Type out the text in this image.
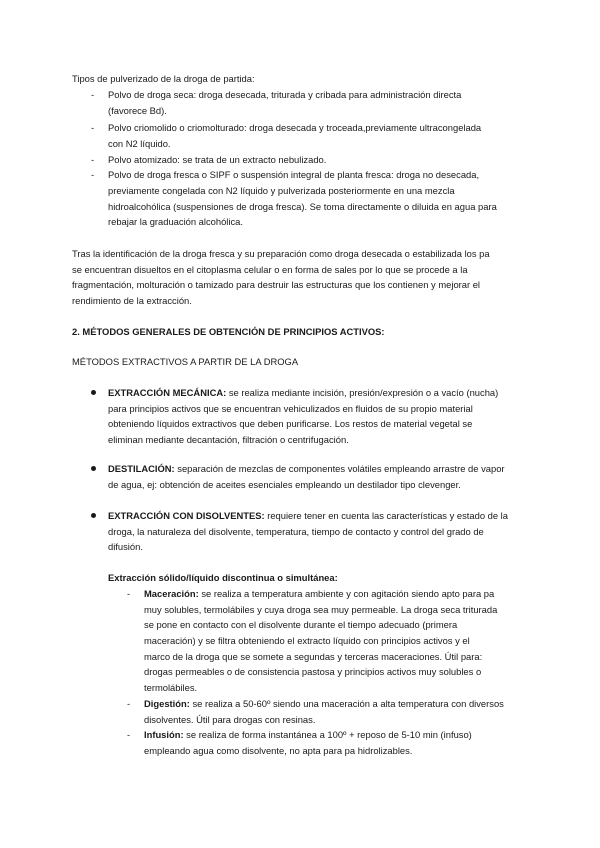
Tipos de pulverizado de la droga de partida:

- Polvo de droga seca: droga desecada, triturada y cribada para administración directa

(favorece Bd).

- Polvo criomolido o criomolturado: droga desecada y troceada,previamente ultracongelada

con N2 líquido.

- Polvo atomizado: se trata de un extracto nebulizado.

- Polvo de droga fresca o SIPF o suspensión integral de planta fresca: droga no desecada,

previamente congelada con N2 líquido y pulverizada posteriormente en una mezcla

hidroalcohólica (suspensiones de droga fresca). Se toma directamente o diluida en agua para

rebajar la graduación alcohólica.

Tras la identificación de la droga fresca y su preparación como droga desecada o estabilizada los pa

se encuentran disueltos en el citoplasma celular o en forma de sales por lo que se procede a la

fragmentación, molturación o tamizado para destruir las estructuras que los contienen y mejorar el

rendimiento de la extracción.

2. MÉTODOS GENERALES DE OBTENCIÓN DE PRINCIPIOS ACTIVOS:

MÉTODOS EXTRACTIVOS A PARTIR DE LA DROGA

EXTRACCIÓN MECÁNICA: se realiza mediante incisión, presión/expresión o a vacío (nucha)

para principios activos que se encuentran vehiculizados en fluidos de su propio material

obteniendo líquidos extractivos que deben purificarse. Los restos de material vegetal se

eliminan mediante decantación, filtración o centrifugación.

DESTILACIÓN: separación de mezclas de componentes volátiles empleando arrastre de vapor

de agua, ej: obtención de aceites esenciales empleando un destilador tipo clevenger.

EXTRACCIÓN CON DISOLVENTES: requiere tener en cuenta las características y estado de la

droga, la naturaleza del disolvente, temperatura, tiempo de contacto y control del grado de

difusión.

Extracción sólido/líquido discontinua o simultánea:

- Maceración: se realiza a temperatura ambiente y con agitación siendo apto para pa

muy solubles, termolábiles y cuya droga sea muy permeable. La droga seca triturada

se pone en contacto con el disolvente durante el tiempo adecuado (primera

maceración) y se filtra obteniendo el extracto líquido con principios activos y el

marco de la droga que se somete a segundas y terceras maceraciones. Útil para:

drogas permeables o de consistencia pastosa y principios activos muy solubles o

termolábiles.

- Digestión: se realiza a 50-60º siendo una maceración a alta temperatura con diversos

disolventes. Útil para drogas con resinas.

- Infusión: se realiza de forma instantánea a 100º + reposo de 5-10 min (infuso)

empleando agua como disolvente, no apta para pa hidrolizables.
